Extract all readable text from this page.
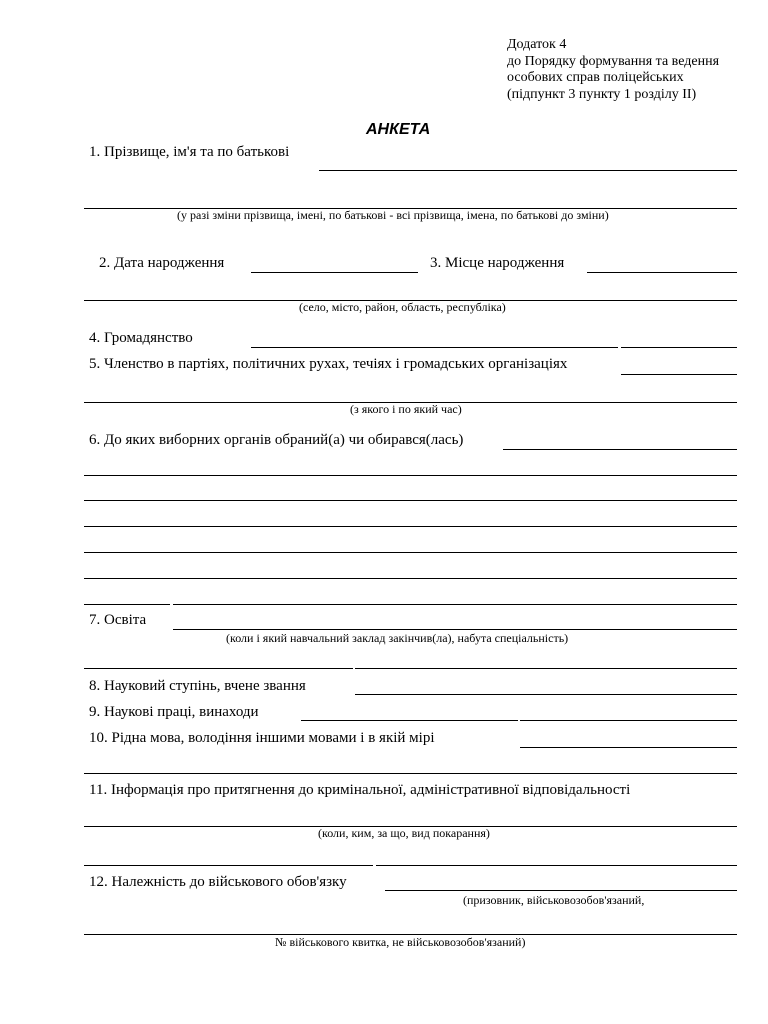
Додаток 4
до Порядку формування та ведення
особових справ поліцейських
(підпункт 3 пункту 1 розділу II)
АНКЕТА
1. Прізвище, ім'я та по батькові
(у разі зміни прізвища, імені, по батькові - всі прізвища, імена, по батькові до зміни)
2. Дата народження	3. Місце народження
(село, місто, район, область, республіка)
4. Громадянство
5. Членство в партіях, політичних рухах, течіях і громадських організаціях
(з якого і по який час)
6. До яких виборних органів обраний(а) чи обирався(лась)
7. Освіта
(коли і який навчальний заклад закінчив(ла), набута спеціальність)
8. Науковий ступінь, вчене звання
9. Наукові праці, винаходи
10. Рідна мова, володіння іншими мовами і в якій мірі
11. Інформація про притягнення до кримінальної, адміністративної відповідальності
(коли, ким, за що, вид покарання)
12. Належність до військового обов'язку
(призовник, військовозобов'язаний,
№ військового квитка, не військовозобов'язаний)
